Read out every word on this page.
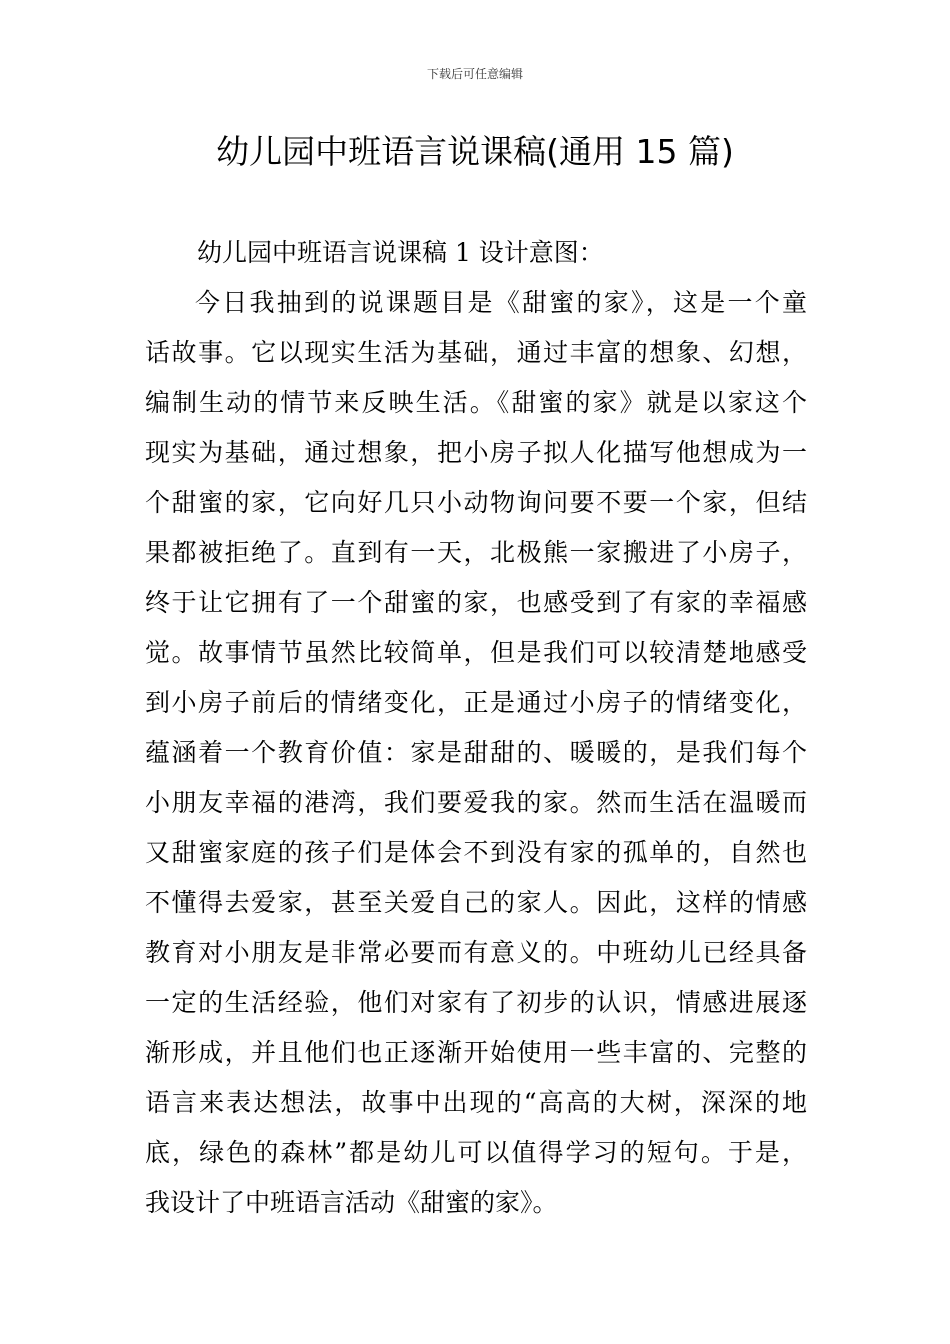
下载后可任意编辑
幼儿园中班语言说课稿(通用 15 篇)

幼儿园中班语言说课稿 1 设计意图：

今日我抽到的说课题目是《甜蜜的家》，这是一个童

话故事。它以现实生活为基础，通过丰富的想象、幻想，

编制生动的情节来反映生活。《甜蜜的家》就是以家这个

现实为基础，通过想象，把小房子拟人化描写他想成为一

个甜蜜的家，它向好几只小动物询问要不要一个家，但结

果都被拒绝了。直到有一天，北极熊一家搬进了小房子，

终于让它拥有了一个甜蜜的家，也感受到了有家的幸福感

觉。故事情节虽然比较简单，但是我们可以较清楚地感受

到小房子前后的情绪变化，正是通过小房子的情绪变化，

蕴涵着一个教育价值：家是甜甜的、暖暖的，是我们每个

小朋友幸福的港湾，我们要爱我的家。然而生活在温暖而

又甜蜜家庭的孩子们是体会不到没有家的孤单的，自然也

不懂得去爱家，甚至关爱自己的家人。因此，这样的情感

教育对小朋友是非常必要而有意义的。中班幼儿已经具备

一定的生活经验，他们对家有了初步的认识，情感进展逐

渐形成，并且他们也正逐渐开始使用一些丰富的、完整的

语言来表达想法，故事中出现的“高高的大树，深深的地

底，绿色的森林”都是幼儿可以值得学习的短句。于是，

我设计了中班语言活动《甜蜜的家》。
